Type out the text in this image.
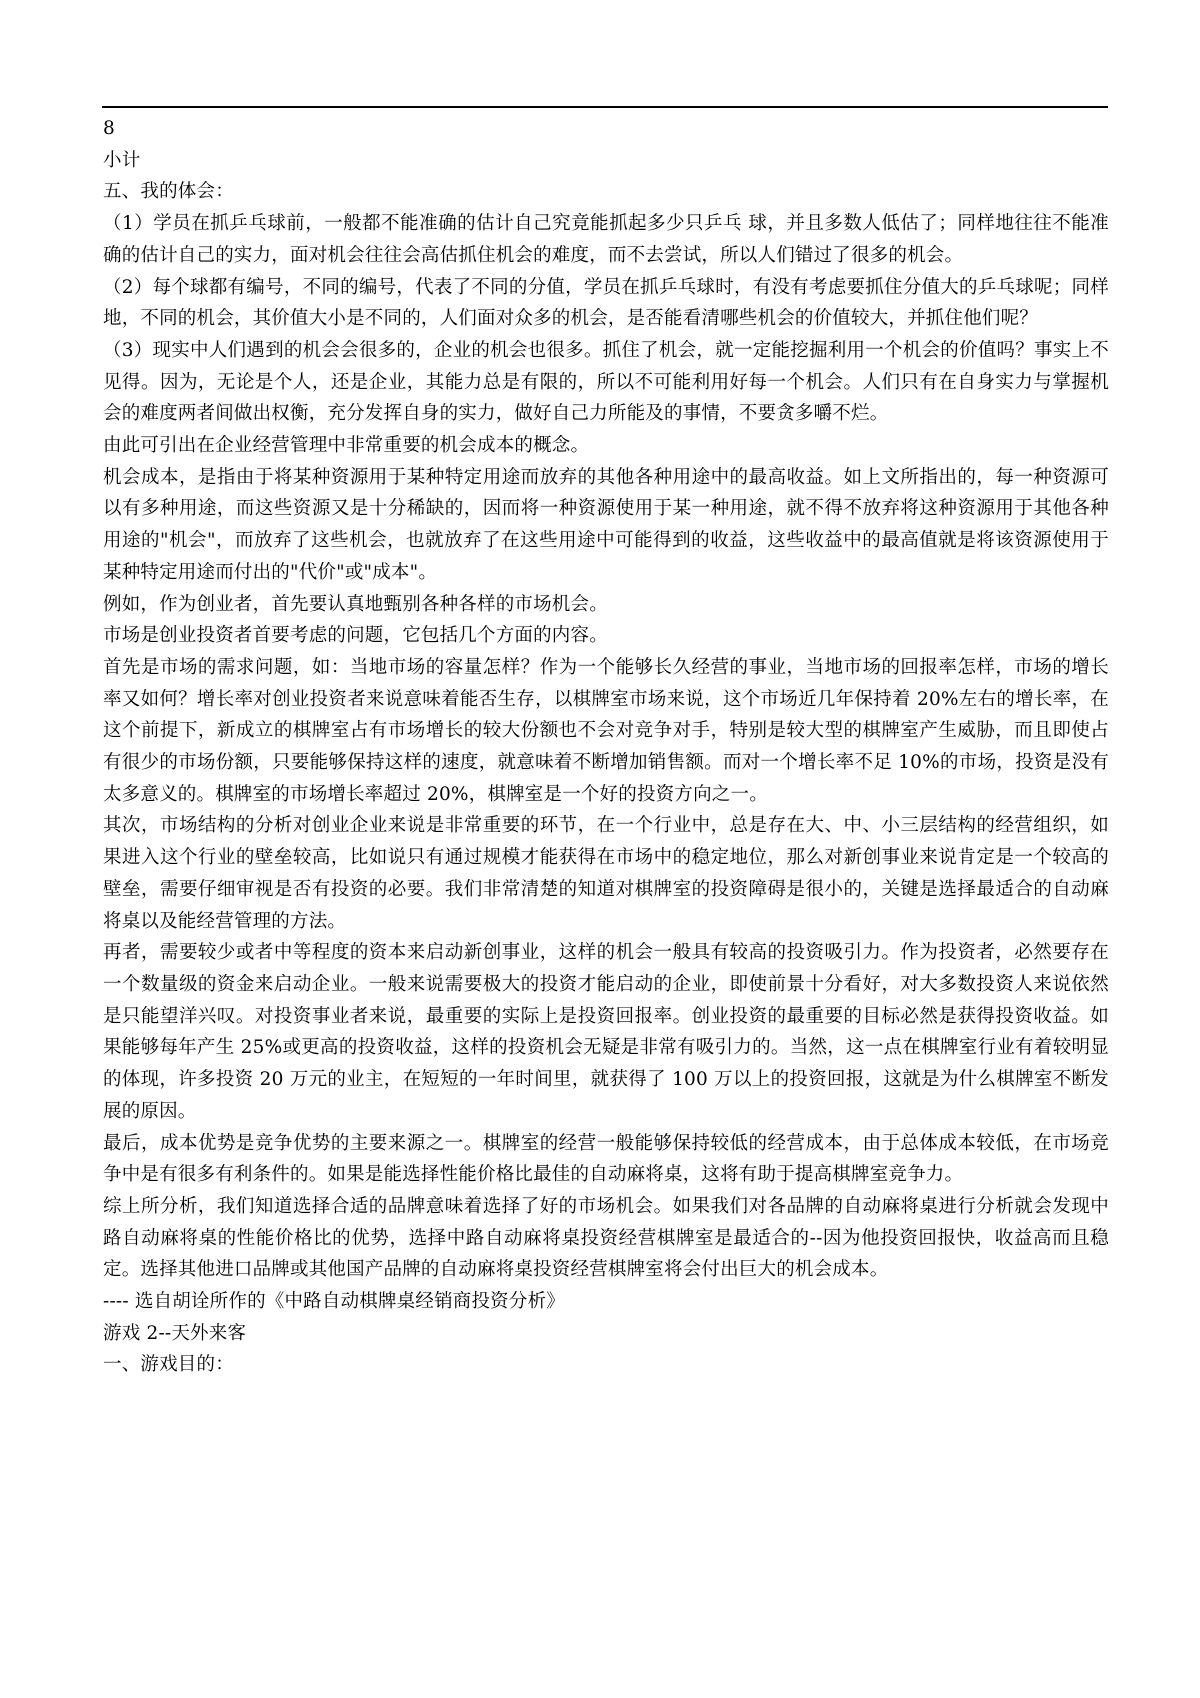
8

小计

五、我的体会：

（1）学员在抓乒乓球前，一般都不能准确的估计自己究竟能抓起多少只乒乓 球，并且多数人低估了；同样地往往不能准确的估计自己的实力，面对机会往往会高估抓住机会的难度，而不去尝试，所以人们错过了很多的机会。

（2）每个球都有编号，不同的编号，代表了不同的分值，学员在抓乒乓球时，有没有考虑要抓住分值大的乒乓球呢；同样地，不同的机会，其价值大小是不同的，人们面对众多的机会，是否能看清哪些机会的价值较大，并抓住他们呢？

（3）现实中人们遇到的机会会很多的，企业的机会也很多。抓住了机会，就一定能挖掘利用一个机会的价值吗？事实上不见得。因为，无论是个人，还是企业，其能力总是有限的，所以不可能利用好每一个机会。人们只有在自身实力与掌握机会的难度两者间做出权衡，充分发挥自身的实力，做好自己力所能及的事情，不要贪多嚼不烂。

由此可引出在企业经营管理中非常重要的机会成本的概念。

机会成本，是指由于将某种资源用于某种特定用途而放弃的其他各种用途中的最高收益。如上文所指出的，每一种资源可以有多种用途，而这些资源又是十分稀缺的，因而将一种资源使用于某一种用途，就不得不放弃将这种资源用于其他各种用途的"机会"，而放弃了这些机会，也就放弃了在这些用途中可能得到的收益，这些收益中的最高值就是将该资源使用于某种特定用途而付出的"代价"或"成本"。

例如，作为创业者，首先要认真地甄别各种各样的市场机会。

市场是创业投资者首要考虑的问题，它包括几个方面的内容。

首先是市场的需求问题，如：当地市场的容量怎样？作为一个能够长久经营的事业，当地市场的回报率怎样，市场的增长率又如何？增长率对创业投资者来说意味着能否生存，以棋牌室市场来说，这个市场近几年保持着 20%左右的增长率，在这个前提下，新成立的棋牌室占有市场增长的较大份额也不会对竞争对手，特别是较大型的棋牌室产生威胁，而且即使占有很少的市场份额，只要能够保持这样的速度，就意味着不断增加销售额。而对一个增长率不足 10%的市场，投资是没有太多意义的。棋牌室的市场增长率超过 20%，棋牌室是一个好的投资方向之一。

其次，市场结构的分析对创业企业来说是非常重要的环节，在一个行业中，总是存在大、中、小三层结构的经营组织，如果进入这个行业的壁垒较高，比如说只有通过规模才能获得在市场中的稳定地位，那么对新创事业来说肯定是一个较高的壁垒，需要仔细审视是否有投资的必要。我们非常清楚的知道对棋牌室的投资障碍是很小的，关键是选择最适合的自动麻将桌以及能经营管理的方法。

再者，需要较少或者中等程度的资本来启动新创事业，这样的机会一般具有较高的投资吸引力。作为投资者，必然要存在一个数量级的资金来启动企业。一般来说需要极大的投资才能启动的企业，即使前景十分看好，对大多数投资人来说依然是只能望洋兴叹。对投资事业者来说，最重要的实际上是投资回报率。创业投资的最重要的目标必然是获得投资收益。如果能够每年产生 25%或更高的投资收益，这样的投资机会无疑是非常有吸引力的。当然，这一点在棋牌室行业有着较明显的体现，许多投资 20 万元的业主，在短短的一年时间里，就获得了 100 万以上的投资回报，这就是为什么棋牌室不断发展的原因。

最后，成本优势是竞争优势的主要来源之一。棋牌室的经营一般能够保持较低的经营成本，由于总体成本较低，在市场竞争中是有很多有利条件的。如果是能选择性能价格比最佳的自动麻将桌，这将有助于提高棋牌室竞争力。

综上所分析，我们知道选择合适的品牌意味着选择了好的市场机会。如果我们对各品牌的自动麻将桌进行分析就会发现中路自动麻将桌的性能价格比的优势，选择中路自动麻将桌投资经营棋牌室是最适合的--因为他投资回报快，收益高而且稳定。选择其他进口品牌或其他国产品牌的自动麻将桌投资经营棋牌室将会付出巨大的机会成本。

---- 选自胡诠所作的《中路自动棋牌桌经销商投资分析》

游戏 2--天外来客

一、游戏目的：
